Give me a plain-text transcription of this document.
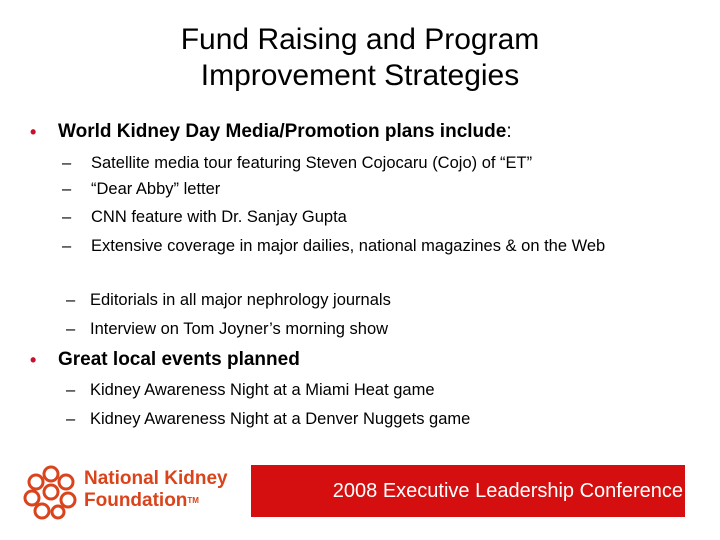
Fund Raising and Program
Improvement Strategies
•	World Kidney Day Media/Promotion plans include :
–	Satellite media tour featuring Steven Cojocaru (Cojo) of “ET”
–	“Dear Abby” letter
–	CNN feature with Dr. Sanjay Gupta
–	Extensive coverage in major dailies, national magazines & on the Web
– Editorials in all major nephrology journals
– Interview on Tom Joyner’s morning show
•	Great local events planned
– Kidney Awareness Night at a Miami Heat game
– Kidney Awareness Night at a Denver Nuggets game
National Kidney
FoundationTM	2008 Executive Leadership Conference
